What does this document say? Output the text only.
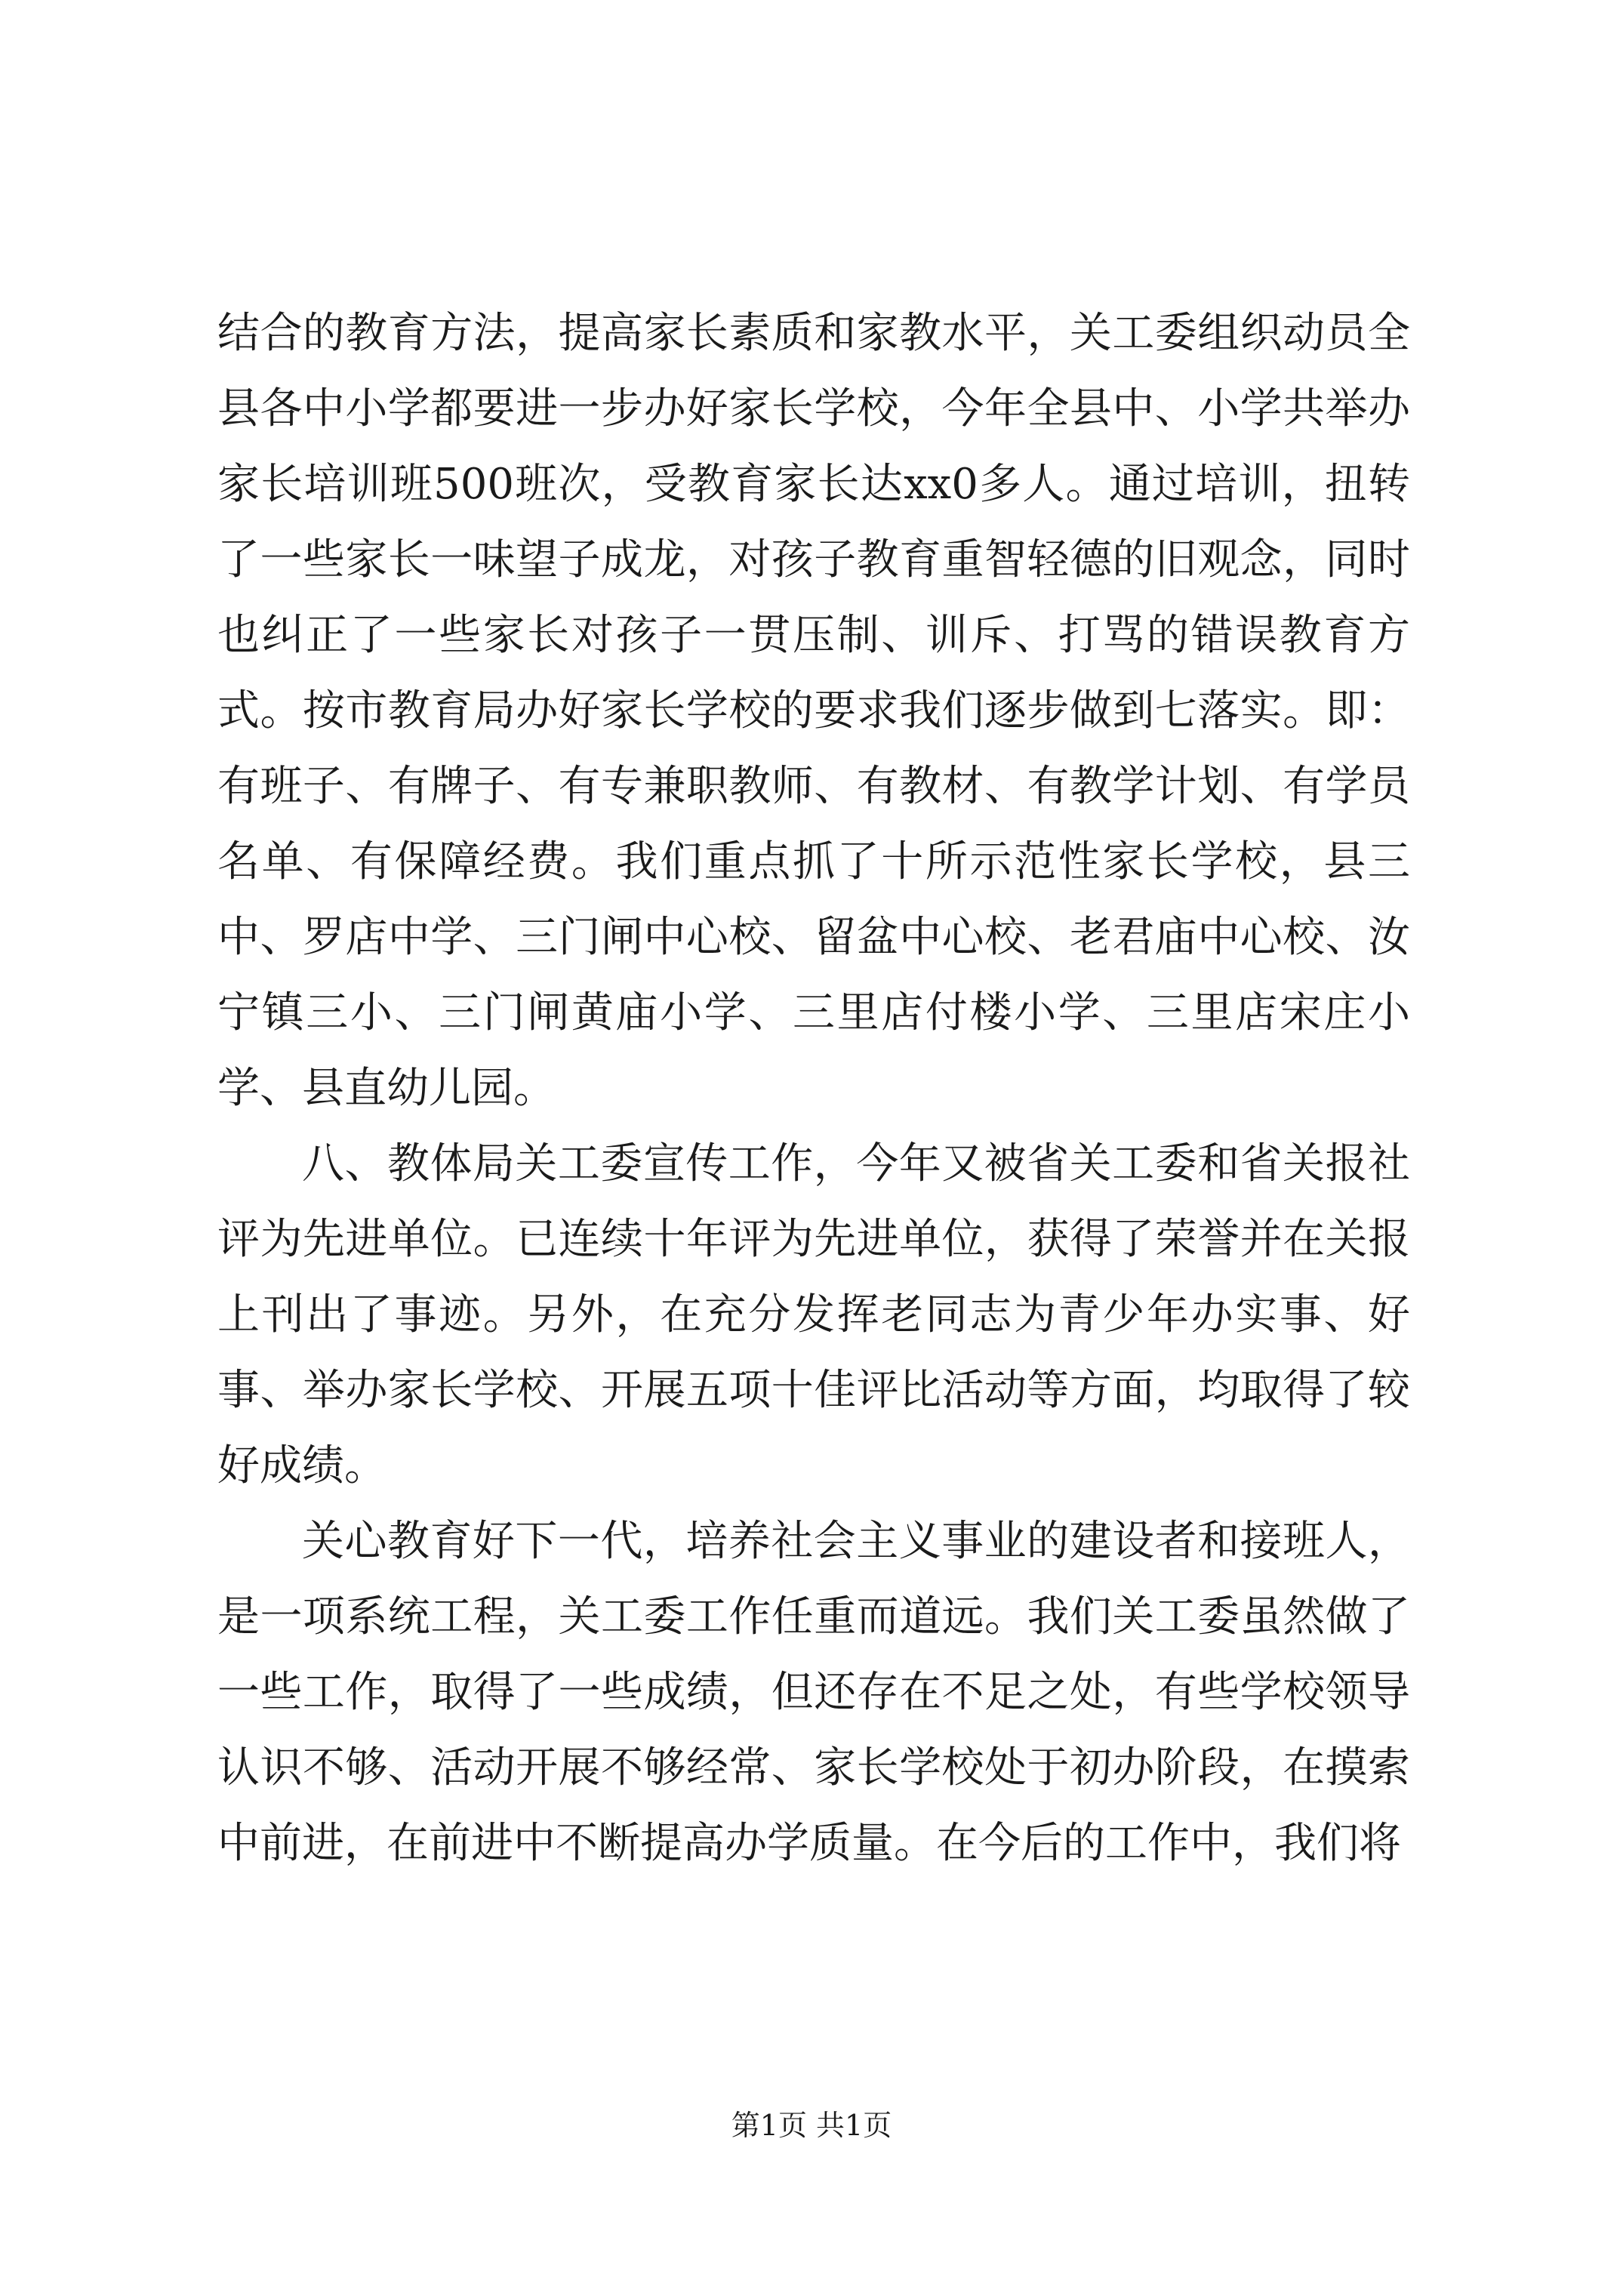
结合的教育方法，提高家长素质和家教水平，关工委组织动员全县各中小学都要进一步办好家长学校，今年全县中、小学共举办家长培训班500班次，受教育家长达xx0多人。通过培训，扭转了一些家长一味望子成龙，对孩子教育重智轻德的旧观念，同时也纠正了一些家长对孩子一贯压制、训斥、打骂的错误教育方式。按市教育局办好家长学校的要求我们逐步做到七落实。即：有班子、有牌子、有专兼职教师、有教材、有教学计划、有学员名单、有保障经费。我们重点抓了十所示范性家长学校，县三中、罗店中学、三门闸中心校、留盆中心校、老君庙中心校、汝宁镇三小、三门闸黄庙小学、三里店付楼小学、三里店宋庄小学、县直幼儿园。

八、教体局关工委宣传工作，今年又被省关工委和省关报社评为先进单位。已连续十年评为先进单位，获得了荣誉并在关报上刊出了事迹。另外，在充分发挥老同志为青少年办实事、好事、举办家长学校、开展五项十佳评比活动等方面，均取得了较好成绩。

关心教育好下一代，培养社会主义事业的建设者和接班人，是一项系统工程，关工委工作任重而道远。我们关工委虽然做了一些工作，取得了一些成绩，但还存在不足之处，有些学校领导认识不够、活动开展不够经常、家长学校处于初办阶段，在摸索中前进，在前进中不断提高办学质量。在今后的工作中，我们将

第1页 共1页
